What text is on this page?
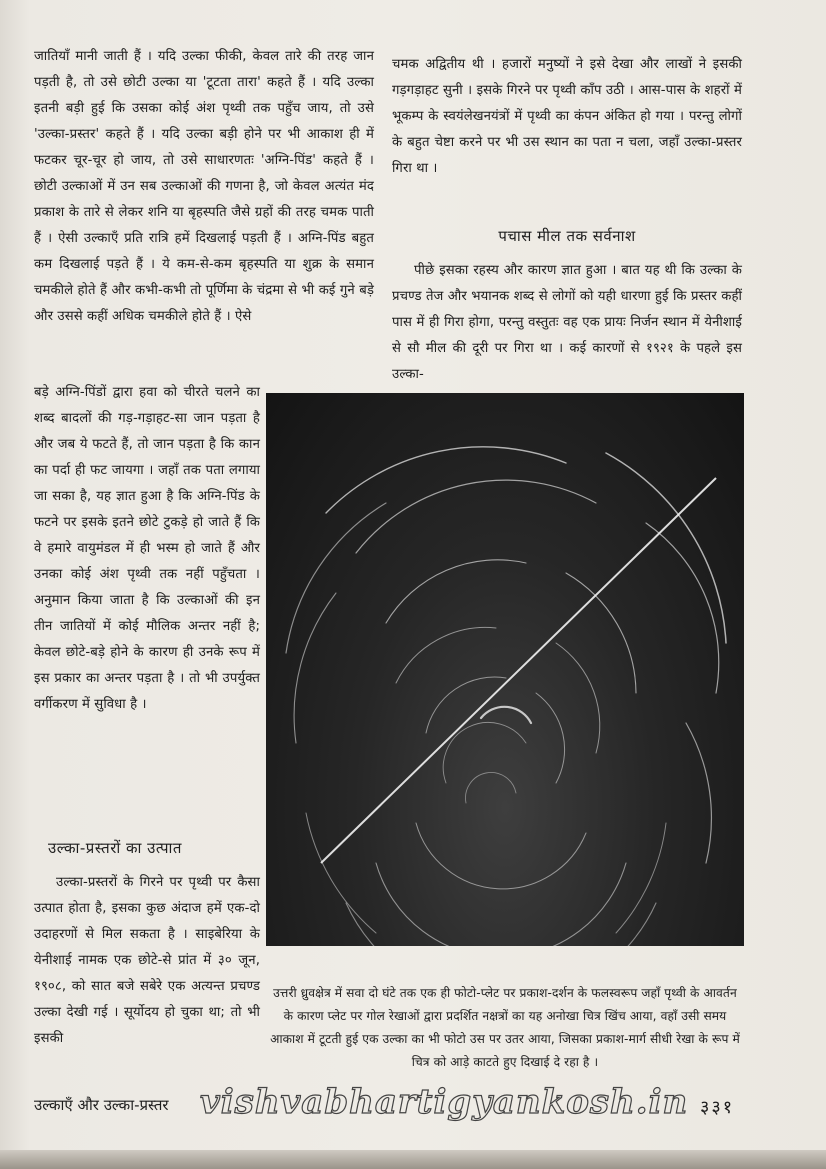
जातियाँ मानी जाती हैं । यदि उल्का फीकी, केवल तारे की तरह जान पड़ती है, तो उसे छोटी उल्का या 'टूटता तारा' कहते हैं । यदि उल्का इतनी बड़ी हुई कि उसका कोई अंश पृथ्वी तक पहुँच जाय, तो उसे 'उल्का-प्रस्तर' कहते हैं । यदि उल्का बड़ी होने पर भी आकाश ही में फटकर चूर-चूर हो जाय, तो उसे साधारणतः 'अग्नि-पिंड' कहते हैं । छोटी उल्काओं में उन सब उल्काओं की गणना है, जो केवल अत्यंत मंद प्रकाश के तारे से लेकर शनि या बृहस्पति जैसे ग्रहों की तरह चमक पाती हैं । ऐसी उल्काएँ प्रति रात्रि हमें दिखलाई पड़ती हैं । अग्नि-पिंड बहुत कम दिखलाई पड़ते हैं । ये कम-से-कम बृहस्पति या शुक्र के समान चमकीले होते हैं और कभी-कभी तो पूर्णिमा के चंद्रमा से भी कई गुने बड़े और उससे कहीं अधिक चमकीले होते हैं । ऐसे

बड़े अग्नि-पिंडों द्वारा हवा को चीरते चलने का शब्द बादलों की गड़-गड़ाहट-सा जान पड़ता है और जब ये फटते हैं, तो जान पड़ता है कि कान का पर्दा ही फट जायगा । जहाँ तक पता लगाया जा सका है, यह ज्ञात हुआ है कि अग्नि-पिंड के फटने पर इसके इतने छोटे टुकड़े हो जाते हैं कि वे हमारे वायुमंडल में ही भस्म हो जाते हैं और उनका कोई अंश पृथ्वी तक नहीं पहुँचता । अनुमान किया जाता है कि उल्काओं की इन तीन जातियों में कोई मौलिक अन्तर नहीं है; केवल छोटे-बड़े होने के कारण ही उनके रूप में इस प्रकार का अन्तर पड़ता है । तो भी उपर्युक्त वर्गीकरण में सुविधा है ।

उल्का-प्रस्तरों का उत्पात

उल्का-प्रस्तरों के गिरने पर पृथ्वी पर कैसा उत्पात होता है, इसका कुछ अंदाज हमें एक-दो उदाहरणों से मिल सकता है । साइबेरिया के येनीशाई नामक एक छोटे-से प्रांत में ३० जून, १९०८, को सात बजे सबेरे एक अत्यन्त प्रचण्ड उल्का देखी गई । सूर्योदय हो चुका था; तो भी इसकी

चमक अद्वितीय थी । हजारों मनुष्यों ने इसे देखा और लाखों ने इसकी गड़गड़ाहट सुनी । इसके गिरने पर पृथ्वी काँप उठी । आस-पास के शहरों में भूकम्प के स्वयंलेखनयंत्रों में पृथ्वी का कंपन अंकित हो गया । परन्तु लोगों के बहुत चेष्टा करने पर भी उस स्थान का पता न चला, जहाँ उल्का-प्रस्तर गिरा था ।

पचास मील तक सर्वनाश

पीछे इसका रहस्य और कारण ज्ञात हुआ । बात यह थी कि उल्का के प्रचण्ड तेज और भयानक शब्द से लोगों को यही धारणा हुई कि प्रस्तर कहीं पास में ही गिरा होगा, परन्तु वस्तुतः वह एक प्रायः निर्जन स्थान में येनीशाई से सौ मील की दूरी पर गिरा था । कई कारणों से १९२१ के पहले इस उल्का-

उत्तरी ध्रुवक्षेत्र में सवा दो घंटे तक एक ही फोटो-प्लेट पर प्रकाश-दर्शन के फलस्वरूप जहाँ पृथ्वी के आवर्तन के कारण प्लेट पर गोल रेखाओं द्वारा प्रदर्शित नक्षत्रों का यह अनोखा चित्र खिंच आया, वहाँ उसी समय आकाश में टूटती हुई एक उल्का का भी फोटो उस पर उतर आया, जिसका प्रकाश-मार्ग सीधी रेखा के रूप में चित्र को आड़े काटते हुए दिखाई दे रहा है ।
उल्काएँ और उल्का-प्रस्तर vishvabhartigyankosh.in ३३१
